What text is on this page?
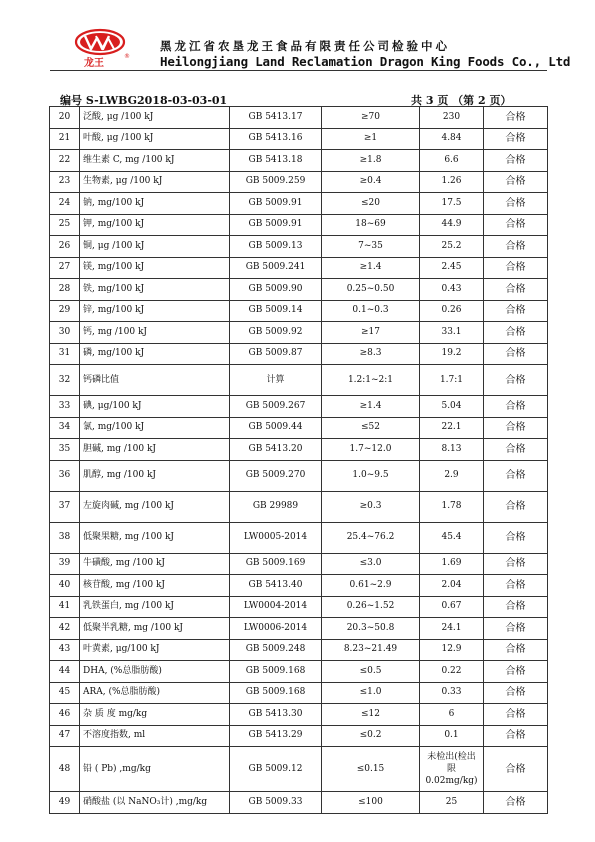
龙王
®
黑龙江省农垦龙王食品有限责任公司检验中心
Heilongjiang Land Reclamation Dragon King Foods Co., Ltd
编号 S-LWBG2018-03-03-01	共 3 页 （第 2 页）
20	泛酸, μg /100 kJ	GB 5413.17	≥70	230	合格
21	叶酸, μg /100 kJ	GB 5413.16	≥1	4.84	合格
22	维生素 C, mg /100 kJ	GB 5413.18	≥1.8	6.6	合格
23	生物素, μg /100 kJ	GB 5009.259	≥0.4	1.26	合格
24	钠, mg/100 kJ	GB 5009.91	≤20	17.5	合格
25	钾, mg/100 kJ	GB 5009.91	18~69	44.9	合格
26	铜, μg /100 kJ	GB 5009.13	7~35	25.2	合格
27	镁, mg/100 kJ	GB 5009.241	≥1.4	2.45	合格
28	铁, mg/100 kJ	GB 5009.90	0.25~0.50	0.43	合格
29	锌, mg/100 kJ	GB 5009.14	0.1~0.3	0.26	合格
30	钙, mg /100 kJ	GB 5009.92	≥17	33.1	合格
31	磷, mg/100 kJ	GB 5009.87	≥8.3	19.2	合格
32	钙磷比值	计算	1.2:1~2:1	1.7:1	合格
33	碘, μg/100 kJ	GB 5009.267	≥1.4	5.04	合格
34	氯, mg/100 kJ	GB 5009.44	≤52	22.1	合格
35	胆碱, mg /100 kJ	GB 5413.20	1.7~12.0	8.13	合格
36	肌醇, mg /100 kJ	GB 5009.270	1.0~9.5	2.9	合格
37	左旋肉碱, mg /100 kJ	GB 29989	≥0.3	1.78	合格
38	低聚果糖, mg /100 kJ	LW0005-2014	25.4~76.2	45.4	合格
39	牛磺酸, mg /100 kJ	GB 5009.169	≤3.0	1.69	合格
40	核苷酸, mg /100 kJ	GB 5413.40	0.61~2.9	2.04	合格
41	乳铁蛋白, mg /100 kJ	LW0004-2014	0.26~1.52	0.67	合格
42	低聚半乳糖, mg /100 kJ	LW0006-2014	20.3~50.8	24.1	合格
43	叶黄素, μg/100 kJ	GB 5009.248	8.23~21.49	12.9	合格
44	DHA, (%总脂肪酸)	GB 5009.168	≤0.5	0.22	合格
45	ARA, (%总脂肪酸)	GB 5009.168	≤1.0	0.33	合格
46	杂 质 度 mg/kg	GB 5413.30	≤12	6	合格
47	不溶度指数, ml	GB 5413.29	≤0.2	0.1	合格
48	铅 ( Pb) ,mg/kg	GB 5009.12	≤0.15	未检出(检出限 0.02mg/kg)	合格
49	硝酸盐 (以 NaNO₃计) ,mg/kg	GB 5009.33	≤100	25	合格
